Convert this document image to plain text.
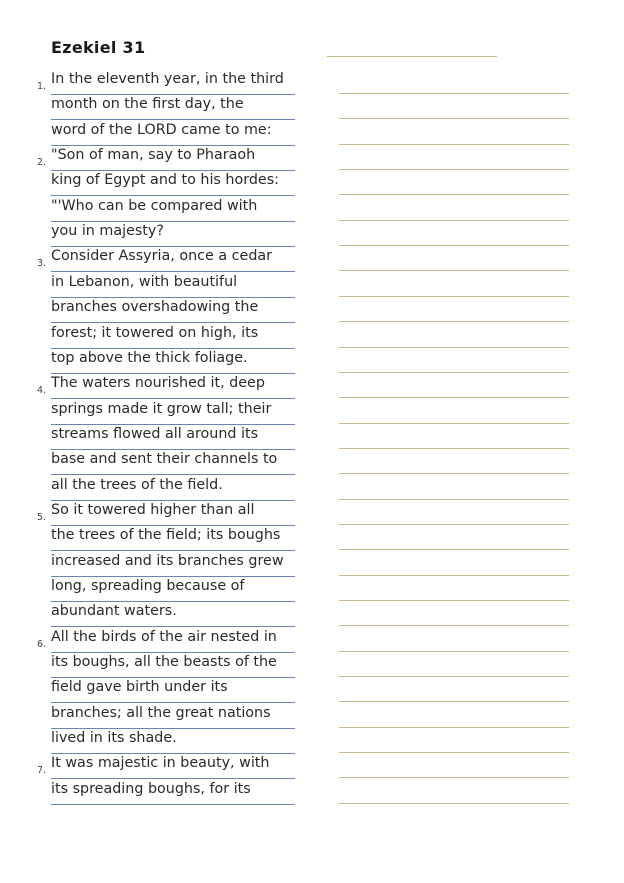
Ezekiel 31
1. In the eleventh year, in the third
month on the first day, the
word of the LORD came to me:
2. "Son of man, say to Pharaoh
king of Egypt and to his hordes:
"'Who can be compared with
you in majesty?
3. Consider Assyria, once a cedar
in Lebanon, with beautiful
branches overshadowing the
forest; it towered on high, its
top above the thick foliage.
4. The waters nourished it, deep
springs made it grow tall; their
streams flowed all around its
base and sent their channels to
all the trees of the field.
5. So it towered higher than all
the trees of the field; its boughs
increased and its branches grew
long, spreading because of
abundant waters.
6. All the birds of the air nested in
its boughs, all the beasts of the
field gave birth under its
branches; all the great nations
lived in its shade.
7. It was majestic in beauty, with
its spreading boughs, for its
